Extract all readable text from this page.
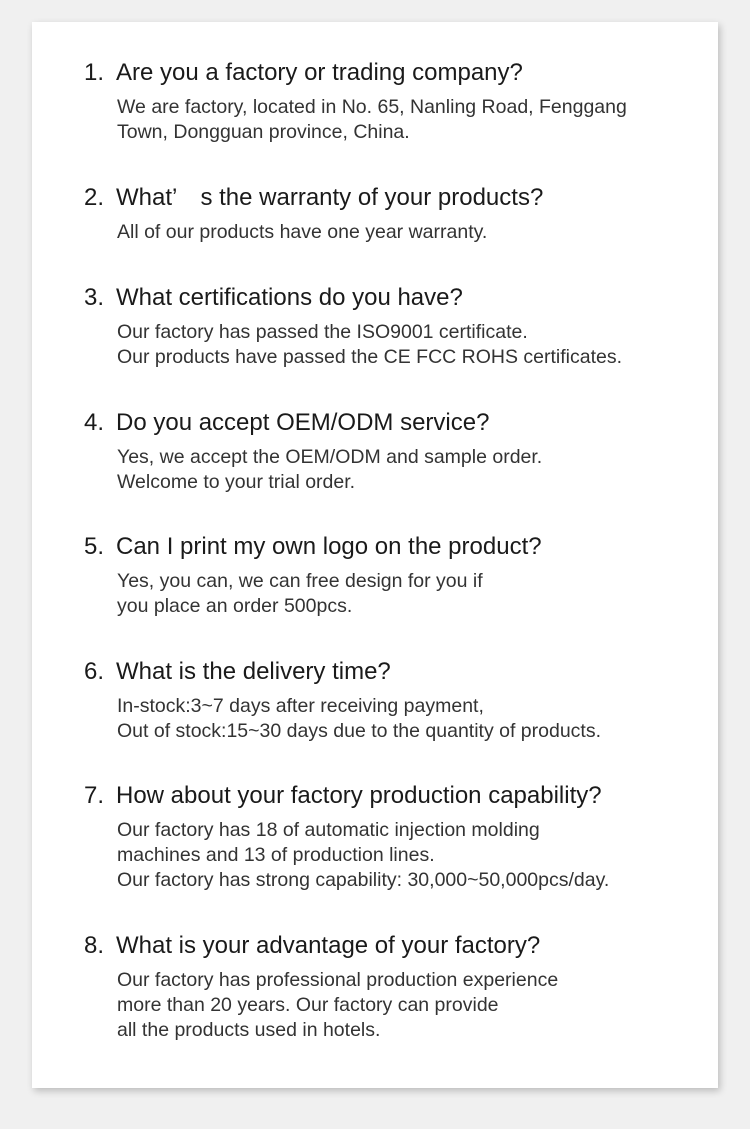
1. Are you a factory or trading company?
We are factory, located in No. 65, Nanling Road, Fenggang
Town, Dongguan province, China.
2. What’　s the warranty of your products?
All of our products have one year warranty.
3. What certifications do you have?
Our factory has passed the ISO9001 certificate.
Our products have passed the CE FCC ROHS certificates.
4. Do you accept OEM/ODM service?
Yes, we accept the OEM/ODM and sample order.
Welcome to your trial order.
5. Can I print my own logo on the product?
Yes, you can, we can free design for you if
you place an order 500pcs.
6. What is the delivery time?
In-stock:3~7 days after receiving payment,
Out of stock:15~30 days due to the quantity of products.
7. How about your factory production capability?
Our factory has 18 of automatic injection molding
machines and 13 of production lines.
Our factory has strong capability: 30,000~50,000pcs/day.
8. What is your advantage of your factory?
Our factory has professional production experience
more than 20 years. Our factory can provide
all the products used in hotels.
